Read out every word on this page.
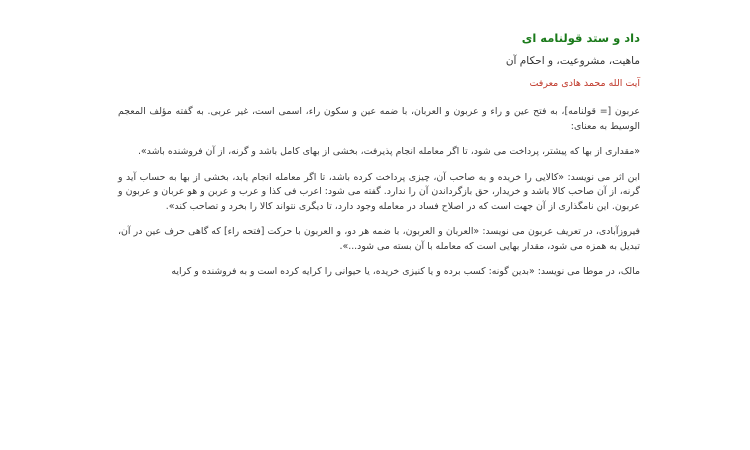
داد و ستد قولنامه ای
ماهیت، مشروعیت، و احکام آن
آیت الله محمد هادی معرفت

عربون [= قولنامه]، به فتح عین و راء و عربون و العربان، با ضمه عین و سکون راء، اسمی است، غیر عربی. به گفته مؤلف المعجم الوسیط به معنای:

«مقداری از بها که پیشتر، پرداخت می شود، تا اگر معامله انجام پذیرفت، بخشی از بهای کامل باشد و گرنه، از آن فروشنده باشد».

ابن اثر می نویسد: «کالایی را خریده و به صاحب آن، چیزی پرداخت کرده باشد، تا اگر معامله انجام یابد، بخشی از بها به حساب آید و گرنه، از آن صاحب کالا باشد و خریدار، حق بازگرداندن آن را ندارد. گفته می شود: اعرب فی کذا و عرب و عربن و هو عربان و عربون و عربون. این نامگذاری از آن جهت است که در اصلاح فساد در معامله وجود دارد، تا دیگری نتواند کالا را بخرد و تصاحب کند».

فیروزآبادی، در تعریف عربون می نویسد: «العربان و العربون، با ضمه هر دو، و العربون با حرکت [فتحه راء] که گاهی حرف عین در آن، تبدیل به همزه می شود، مقدار بهایی است که معامله با آن بسته می شود...».

مالک، در موطا می نویسد: «بدین گونه: کسب برده و یا کنیزی خریده، یا حیوانی را کرایه کرده است و به فروشنده و کرایه
